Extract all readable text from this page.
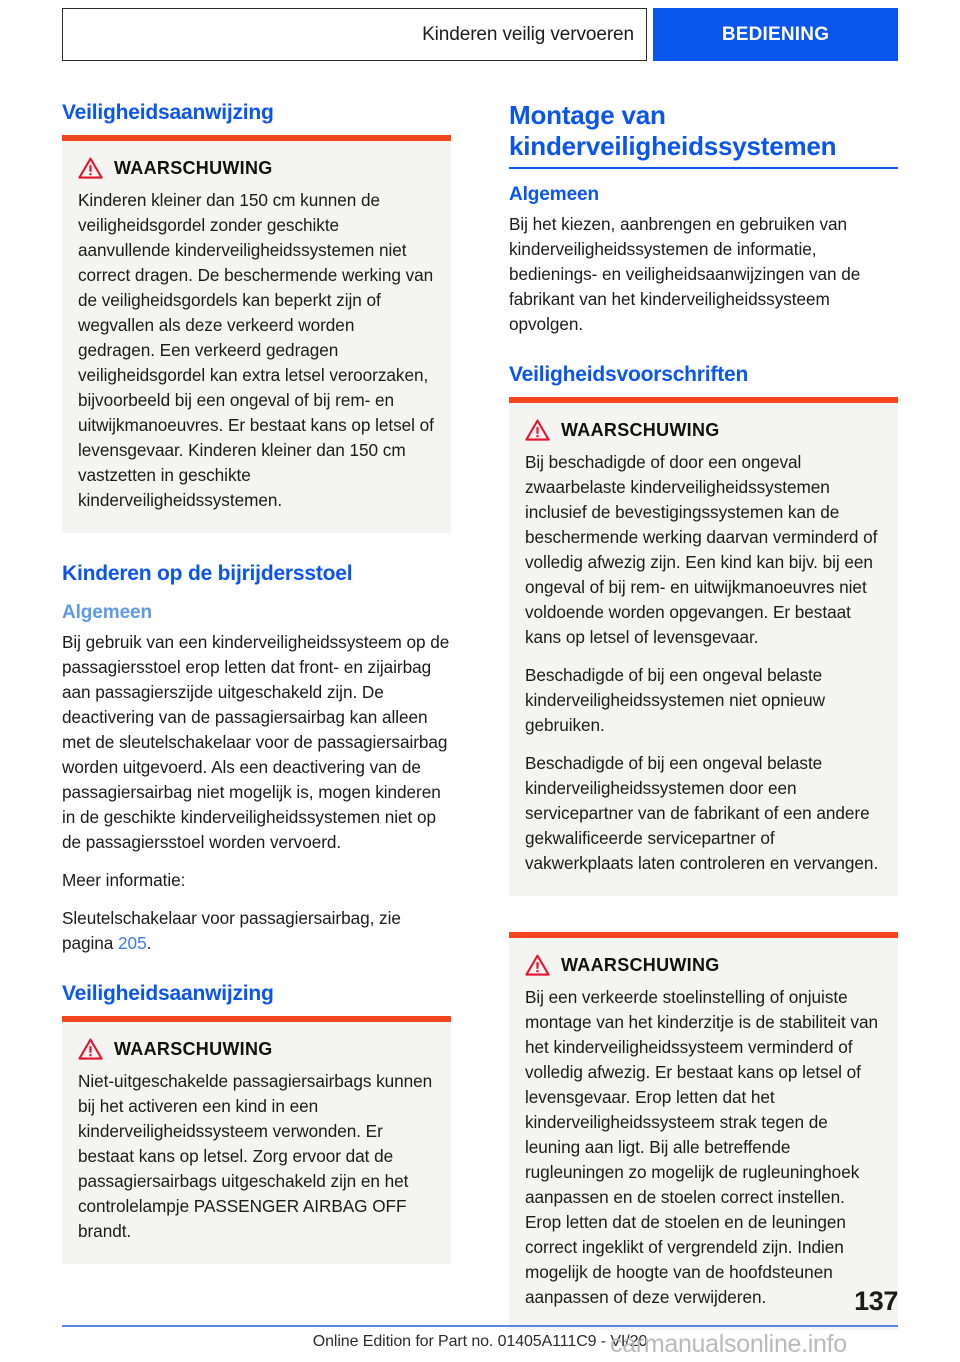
Kinderen veilig vervoeren	BEDIENING
Veiligheidsaanwijzing
WAARSCHUWING

Kinderen kleiner dan 150 cm kunnen de veiligheidsgordel zonder geschikte aanvullende kinderveiligheidssystemen niet correct dragen. De beschermende werking van de veiligheidsgordels kan beperkt zijn of wegvallen als deze verkeerd worden gedragen. Een verkeerd gedragen veiligheidsgordel kan extra letsel veroorzaken, bijvoorbeeld bij een ongeval of bij rem- en uitwijkmanoeuvres. Er bestaat kans op letsel of levensgevaar. Kinderen kleiner dan 150 cm vastzetten in geschikte kinderveiligheidssystemen.

Kinderen op de bijrijdersstoel
Algemeen

Bij gebruik van een kinderveiligheidssysteem op de passagiersstoel erop letten dat front- en zijairbag aan passagierszijde uitgeschakeld zijn. De deactivering van de passagiersairbag kan alleen met de sleutelschakelaar voor de passagiersairbag worden uitgevoerd. Als een deactivering van de passagiersairbag niet mogelijk is, mogen kinderen in de geschikte kinderveiligheidssystemen niet op de passagiersstoel worden vervoerd.

Meer informatie:

Sleutelschakelaar voor passagiersairbag, zie pagina 205.

Veiligheidsaanwijzing
WAARSCHUWING

Niet-uitgeschakelde passagiersairbags kunnen bij het activeren een kind in een kinderveiligheidssysteem verwonden. Er bestaat kans op letsel. Zorg ervoor dat de passagiersairbags uitgeschakeld zijn en het controlelampje PASSENGER AIRBAG OFF brandt.

Montage van
kinderveiligheidssystemen
Algemeen

Bij het kiezen, aanbrengen en gebruiken van kinderveiligheidssystemen de informatie, bedienings- en veiligheidsaanwijzingen van de fabrikant van het kinderveiligheidssysteem opvolgen.

Veiligheidsvoorschriften
WAARSCHUWING

Bij beschadigde of door een ongeval zwaarbelaste kinderveiligheidssystemen inclusief de bevestigingssystemen kan de beschermende werking daarvan verminderd of volledig afwezig zijn. Een kind kan bijv. bij een ongeval of bij rem- en uitwijkmanoeuvres niet voldoende worden opgevangen. Er bestaat kans op letsel of levensgevaar.

Beschadigde of bij een ongeval belaste kinderveiligheidssystemen niet opnieuw gebruiken.

Beschadigde of bij een ongeval belaste kinderveiligheidssystemen door een servicepartner van de fabrikant of een andere gekwalificeerde servicepartner of vakwerkplaats laten controleren en vervangen.

WAARSCHUWING

Bij een verkeerde stoelinstelling of onjuiste montage van het kinderzitje is de stabiliteit van het kinderveiligheidssysteem verminderd of volledig afwezig. Er bestaat kans op letsel of levensgevaar. Erop letten dat het kinderveiligheidssysteem strak tegen de leuning aan ligt. Bij alle betreffende rugleuningen zo mogelijk de rugleuninghoek aanpassen en de stoelen correct instellen. Erop letten dat de stoelen en de leuningen correct ingeklikt of vergrendeld zijn. Indien mogelijk de hoogte van de hoofdsteunen aanpassen of deze verwijderen.	137
Online Edition for Part no. 01405A111C9 - VI/20
carmanualsonline.info
